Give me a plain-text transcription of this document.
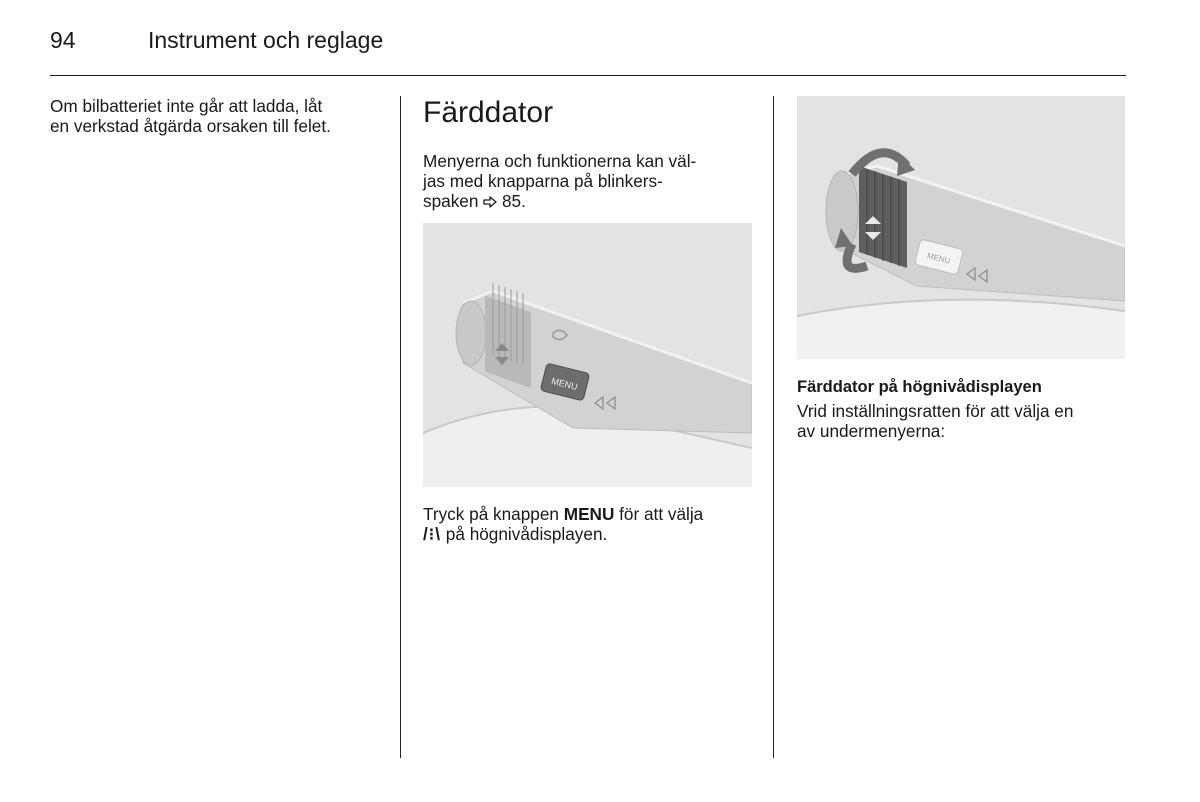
94	Instrument och reglage

Om bilbatteriet inte går att ladda, låt
en verkstad åtgärda orsaken till felet.	Färddator

Menyerna och funktionerna kan väl-
jas med knapparna på blinkers-
spaken 85.

MENU

Tryck på knappen MENU för att välja
/⁝\ på högnivådisplayen.

MENU

Färddator på högnivådisplayen

Vrid inställningsratten för att välja en
av undermenyerna:
